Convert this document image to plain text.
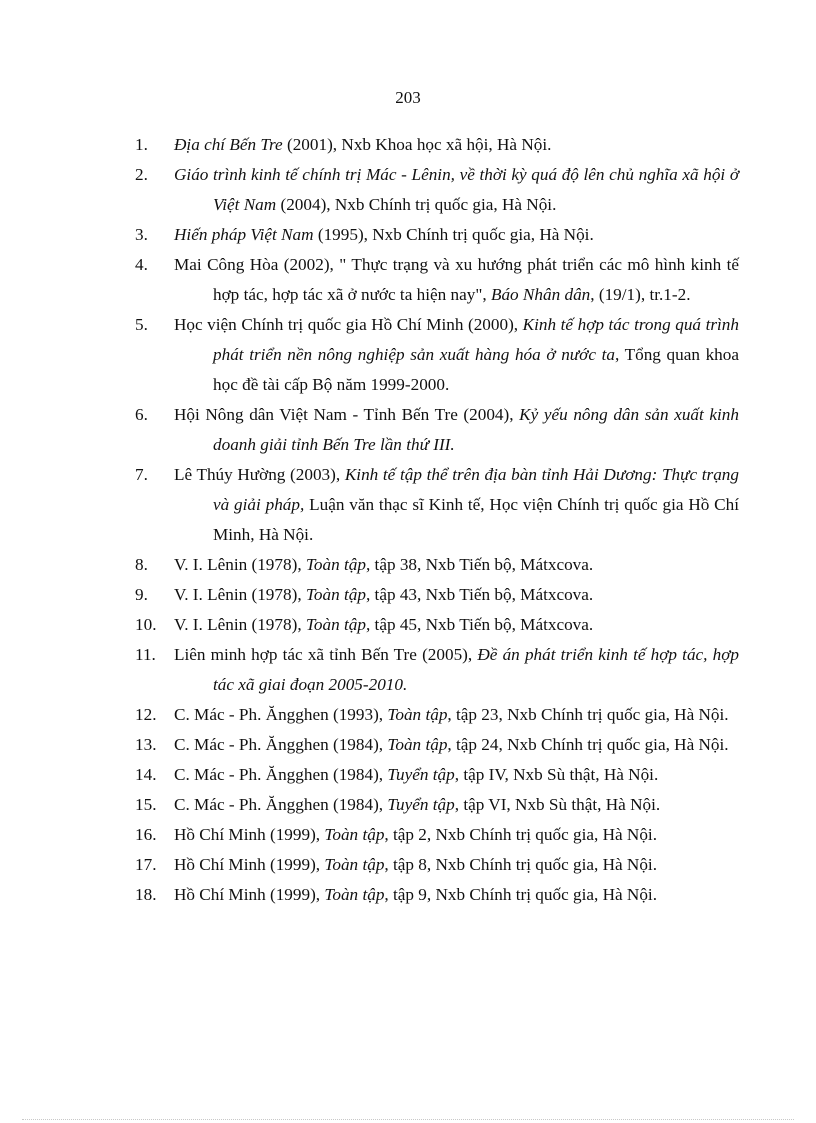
203
1. Địa chí Bến Tre (2001), Nxb Khoa học xã hội, Hà Nội.
2. Giáo trình kinh tế chính trị Mác - Lênin, về thời kỳ quá độ lên chủ nghĩa xã hội ở
Việt Nam (2004), Nxb Chính trị quốc gia, Hà Nội.
3. Hiến pháp Việt Nam (1995), Nxb Chính trị quốc gia, Hà Nội.
4. Mai Công Hòa (2002), " Thực trạng và xu hướng phát triển các mô hình kinh tế
hợp tác, hợp tác xã ở nước ta hiện nay", Báo Nhân dân, (19/1), tr.1-2.
5. Học viện Chính trị quốc gia Hồ Chí Minh (2000), Kinh tế hợp tác trong quá trình
phát triển nền nông nghiệp sản xuất hàng hóa ở nước ta, Tổng quan khoa
học đề tài cấp Bộ năm 1999-2000.
6. Hội Nông dân Việt Nam - Tỉnh Bến Tre (2004), Kỷ yếu nông dân sản xuất kinh
doanh giải tỉnh Bến Tre lần thứ III.
7. Lê Thúy Hường (2003), Kinh tế tập thể trên địa bàn tỉnh Hải Dương: Thực trạng
và giải pháp, Luận văn thạc sĩ Kinh tế, Học viện Chính trị quốc gia Hồ Chí
Minh, Hà Nội.
8. V. I. Lênin (1978), Toàn tập, tập 38, Nxb Tiến bộ, Mátxcova.
9. V. I. Lênin (1978), Toàn tập, tập 43, Nxb Tiến bộ, Mátxcova.
10. V. I. Lênin (1978), Toàn tập, tập 45, Nxb Tiến bộ, Mátxcova.
11. Liên minh hợp tác xã tỉnh Bến Tre (2005), Đề án phát triển kinh tế hợp tác, hợp
tác xã giai đoạn 2005-2010.
12. C. Mác - Ph. Ăngghen (1993), Toàn tập, tập 23, Nxb Chính trị quốc gia, Hà Nội.
13. C. Mác - Ph. Ăngghen (1984), Toàn tập, tập 24, Nxb Chính trị quốc gia, Hà Nội.
14. C. Mác - Ph. Ăngghen (1984), Tuyển tập, tập IV, Nxb Sù thật, Hà Nội.
15. C. Mác - Ph. Ăngghen (1984), Tuyển tập, tập VI, Nxb Sù thật, Hà Nội.
16. Hồ Chí Minh (1999), Toàn tập, tập 2, Nxb Chính trị quốc gia, Hà Nội.
17. Hồ Chí Minh (1999), Toàn tập, tập 8, Nxb Chính trị quốc gia, Hà Nội.
18. Hồ Chí Minh (1999), Toàn tập, tập 9, Nxb Chính trị quốc gia, Hà Nội.
